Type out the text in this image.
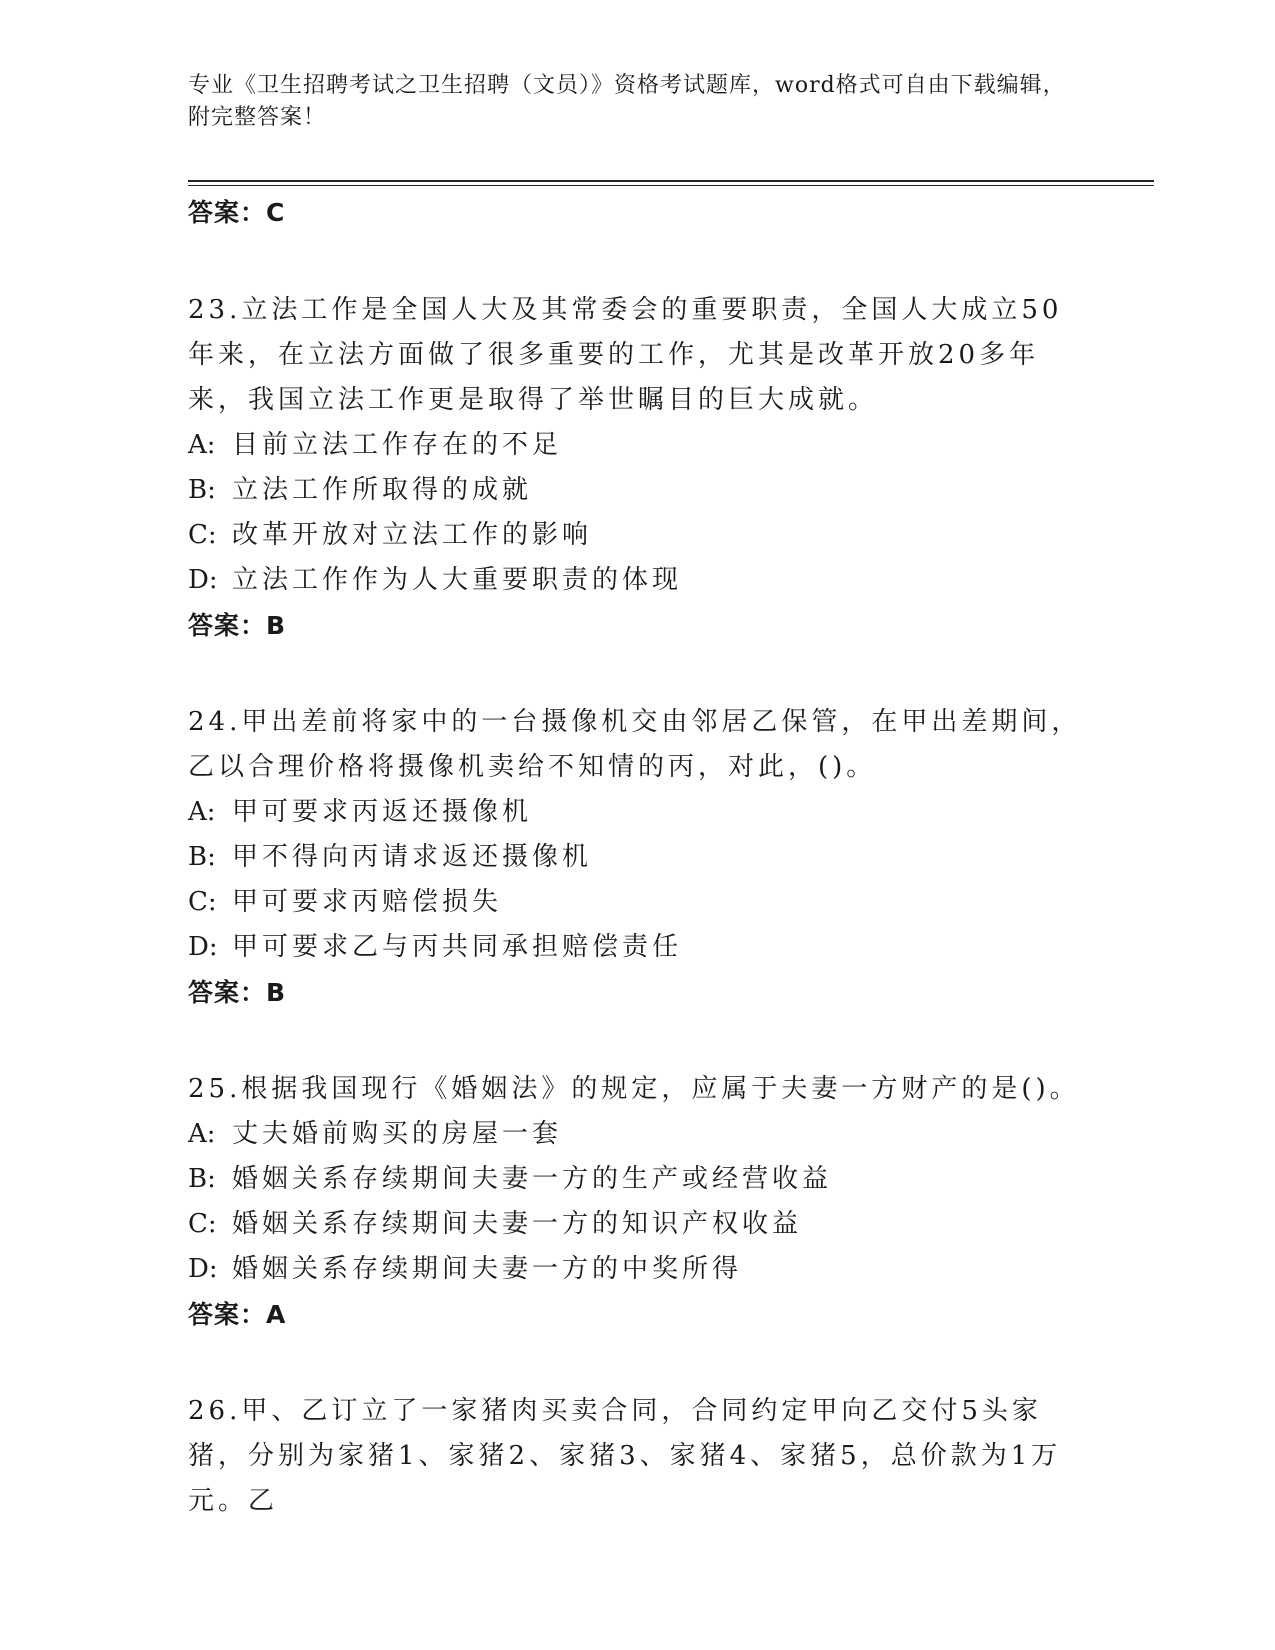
专业《卫生招聘考试之卫生招聘（文员）》资格考试题库，word格式可自由下载编辑，附完整答案！
答案：C
23.立法工作是全国人大及其常委会的重要职责，全国人大成立50年来，在立法方面做了很多重要的工作，尤其是改革开放20多年来，我国立法工作更是取得了举世瞩目的巨大成就。
A: 目前立法工作存在的不足
B: 立法工作所取得的成就
C: 改革开放对立法工作的影响
D: 立法工作作为人大重要职责的体现
答案：B
24.甲出差前将家中的一台摄像机交由邻居乙保管，在甲出差期间，乙以合理价格将摄像机卖给不知情的丙，对此，()。
A: 甲可要求丙返还摄像机
B: 甲不得向丙请求返还摄像机
C: 甲可要求丙赔偿损失
D: 甲可要求乙与丙共同承担赔偿责任
答案：B
25.根据我国现行《婚姻法》的规定，应属于夫妻一方财产的是()。
A: 丈夫婚前购买的房屋一套
B: 婚姻关系存续期间夫妻一方的生产或经营收益
C: 婚姻关系存续期间夫妻一方的知识产权收益
D: 婚姻关系存续期间夫妻一方的中奖所得
答案：A
26.甲、乙订立了一家猪肉买卖合同，合同约定甲向乙交付5头家猪，分别为家猪1、家猪2、家猪3、家猪4、家猪5，总价款为1万元。乙
